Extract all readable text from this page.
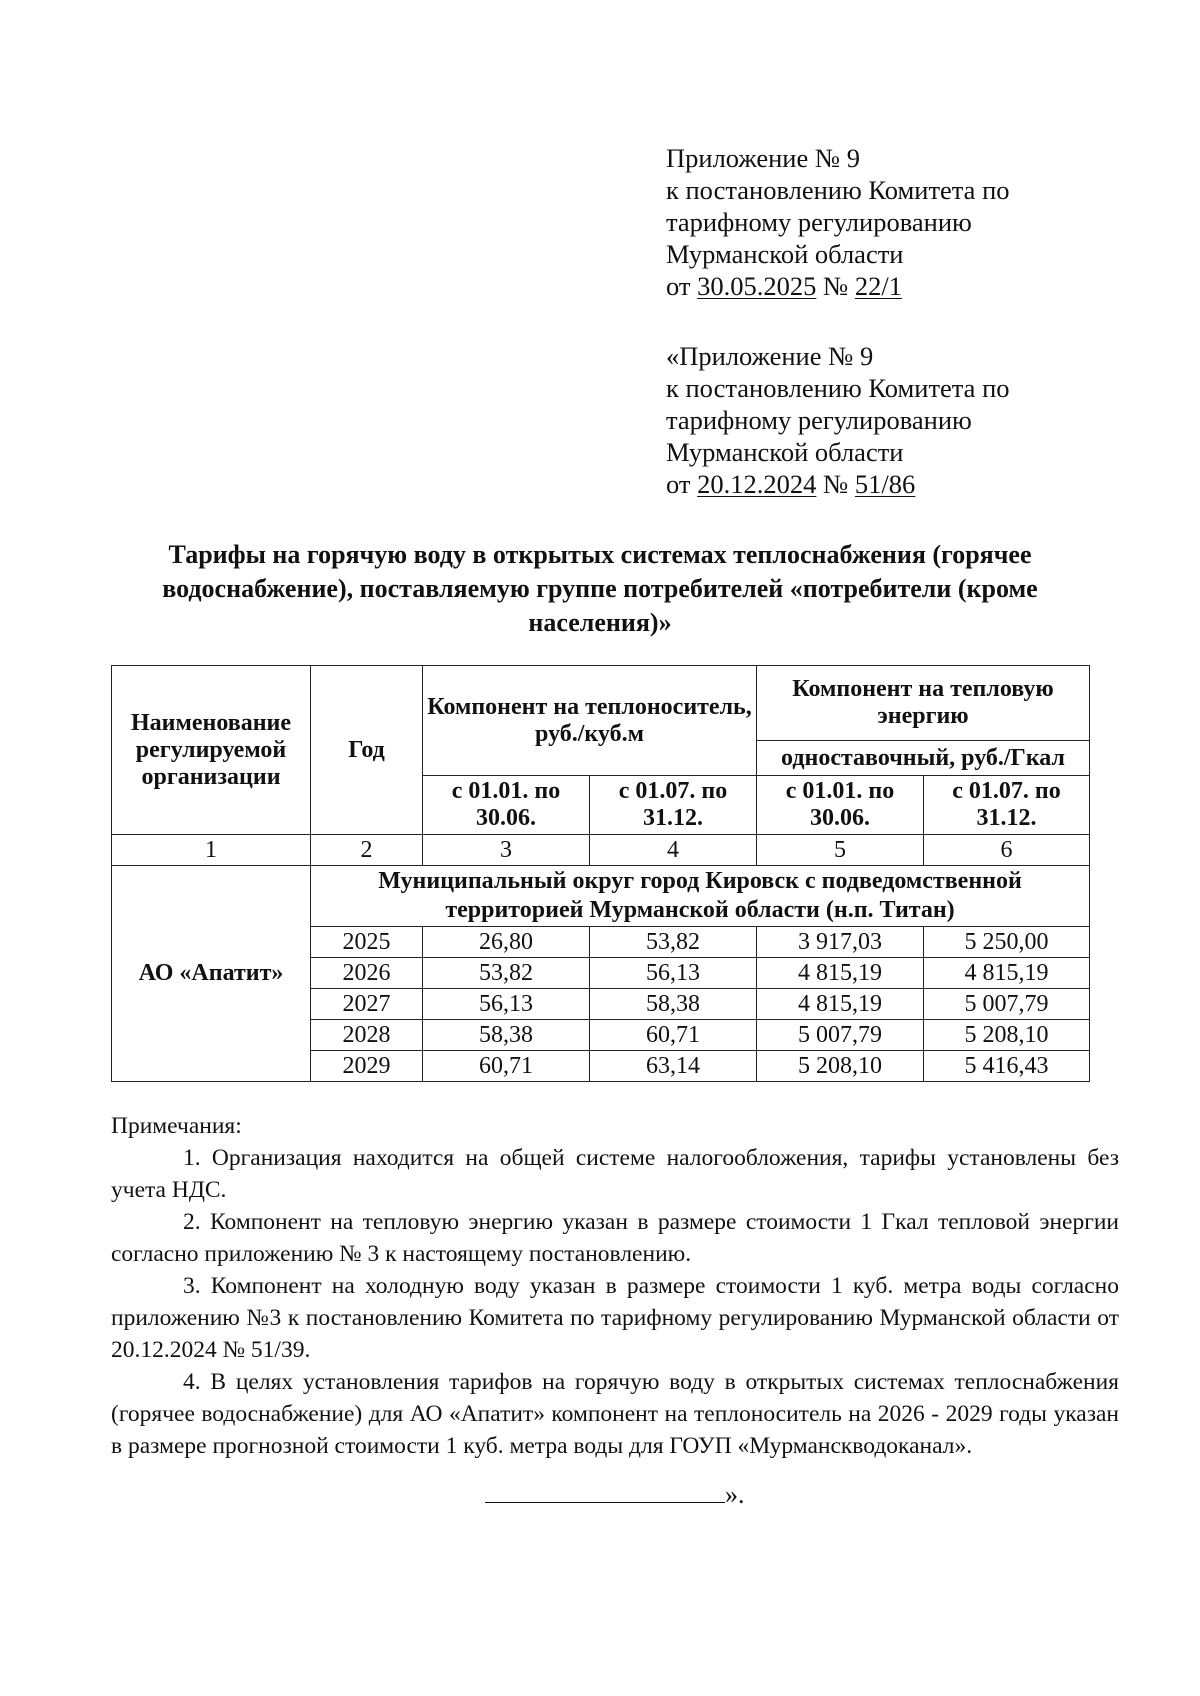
Приложение № 9
к постановлению Комитета по
тарифному регулированию
Мурманской области
от 30.05.2025 № 22/1
«Приложение № 9
к постановлению Комитета по
тарифному регулированию
Мурманской области
от 20.12.2024 № 51/86
Тарифы на горячую воду в открытых системах теплоснабжения (горячее водоснабжение), поставляемую группе потребителей «потребители (кроме населения)»
Наименование регулируемой организации	Год	Компонент на теплоноситель, руб./куб.м		Компонент на тепловую энергию	
				одноставочный, руб./Гкал	
		с 01.01. по 30.06.	с 01.07. по 31.12.	с 01.01. по 30.06.	с 01.07. по 31.12.
1	2	3	4	5	6
АО «Апатит»	Муниципальный округ город Кировск с подведомственной территорией Мурманской области (н.п. Титан)				
	2025	26,80	53,82	3 917,03	5 250,00
	2026	53,82	56,13	4 815,19	4 815,19
	2027	56,13	58,38	4 815,19	5 007,79
	2028	58,38	60,71	5 007,79	5 208,10
	2029	60,71	63,14	5 208,10	5 416,43

Примечания:

1. Организация находится на общей системе налогообложения, тарифы установлены без учета НДС.

2. Компонент на тепловую энергию указан в размере стоимости 1 Гкал тепловой энергии согласно приложению № 3 к настоящему постановлению.

3. Компонент на холодную воду указан в размере стоимости 1 куб. метра воды согласно приложению №3 к постановлению Комитета по тарифному регулированию Мурманской области от 20.12.2024 № 51/39.

4. В целях установления тарифов на горячую воду в открытых системах теплоснабжения (горячее водоснабжение) для АО «Апатит» компонент на теплоноситель на 2026 - 2029 годы указан в размере прогнозной стоимости 1 куб. метра воды для ГОУП «Мурманскводоканал».

».
